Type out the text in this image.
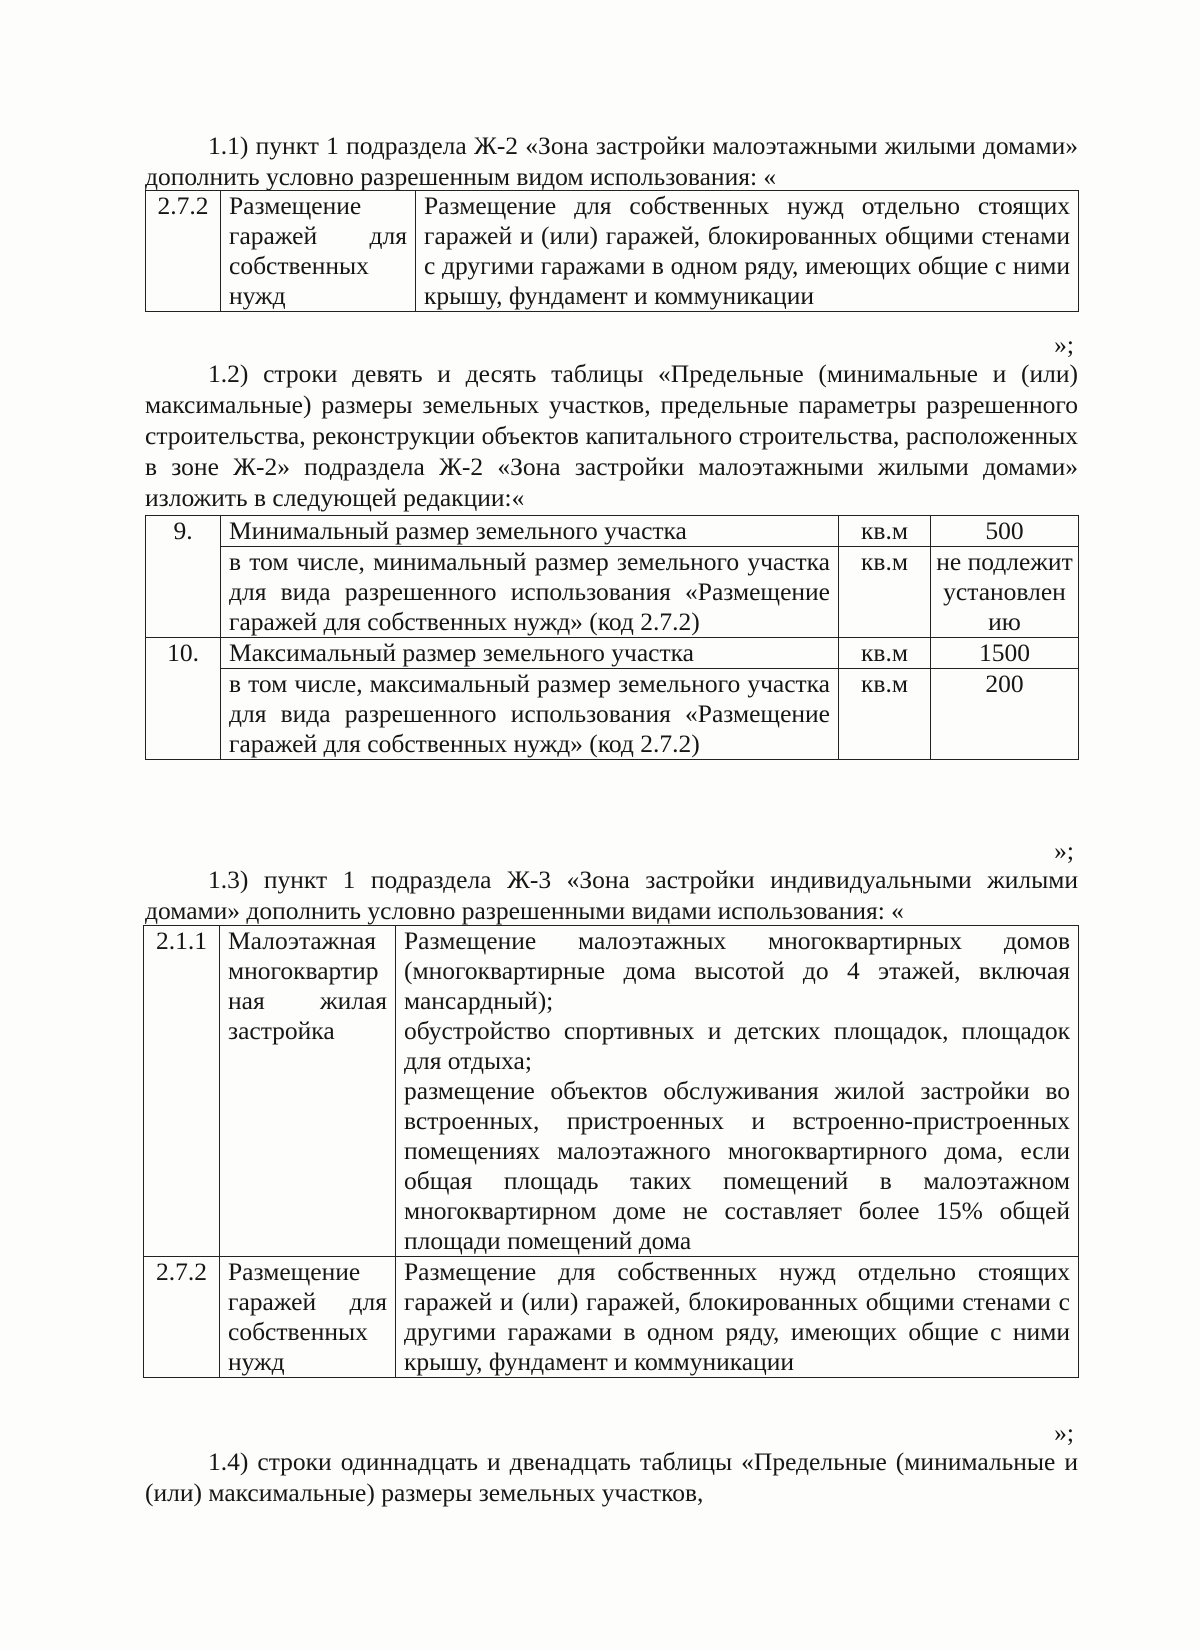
1.1) пункт 1 подраздела Ж-2 «Зона застройки малоэтажными жилыми домами» дополнить условно разрешенным видом использования: «

2.7.2	Размещение гаражей для собственных нужд	Размещение для собственных нужд отдельно стоящих гаражей и (или) гаражей, блокированных общими стенами с другими гаражами в одном ряду, имеющих общие с ними крышу, фундамент и коммуникации

»;

1.2) строки девять и десять таблицы «Предельные (минимальные и (или) максимальные) размеры земельных участков, предельные параметры разрешенного строительства, реконструкции объектов капитального строительства, расположенных в зоне Ж-2» подраздела Ж-2 «Зона застройки малоэтажными жилыми домами» изложить в следующей редакции:«

9.	Минимальный размер земельного участка	кв.м	500
	в том числе, минимальный размер земельного участка для вида разрешенного использования «Размещение гаражей для собственных нужд» (код 2.7.2)	кв.м	не подлежит установлен ию
10.	Максимальный размер земельного участка	кв.м	1500
	в том числе, максимальный размер земельного участка для вида разрешенного использования «Размещение гаражей для собственных нужд» (код 2.7.2)	кв.м	200

»;

1.3) пункт 1 подраздела Ж-3 «Зона застройки индивидуальными жилыми домами» дополнить условно разрешенными видами использования: «

2.1.1	Малоэтажная многоквартир ная жилая застройка	Размещение малоэтажных многоквартирных домов (многоквартирные дома высотой до 4 этажей, включая мансардный);
обустройство спортивных и детских площадок, площадок для отдыха;
размещение объектов обслуживания жилой застройки во встроенных, пристроенных и встроенно-пристроенных помещениях малоэтажного многоквартирного дома, если общая площадь таких помещений в малоэтажном многоквартирном доме не составляет более 15% общей площади помещений дома

2.7.2	Размещение гаражей для собственных нужд	Размещение для собственных нужд отдельно стоящих гаражей и (или) гаражей, блокированных общими стенами с другими гаражами в одном ряду, имеющих общие с ними крышу, фундамент и коммуникации

»;

1.4) строки одиннадцать и двенадцать таблицы «Предельные (минимальные и (или) максимальные) размеры земельных участков,
